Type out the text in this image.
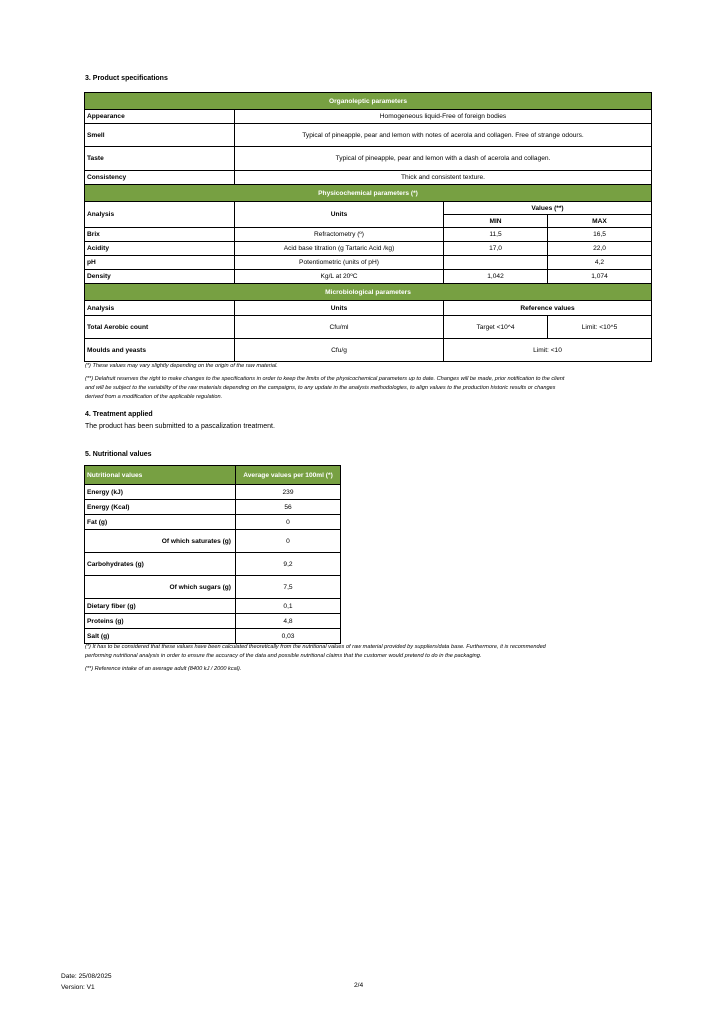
3. Product specifications
Organoleptic parameters			
Appearance	Homogeneous liquid-Free of foreign bodies		
Smell	Typical of pineapple, pear and lemon with notes of acerola and collagen. Free of strange odours.		
Taste	Typical of pineapple, pear and lemon with a dash of acerola and collagen.		
Consistency	Thick and consistent texture.		
Physicochemical parameters (*)			
Analysis	Units	Values (**)	
		MIN	MAX
Brix	Refractometry (º)	11,5	16,5
Acidity	Acid base titration (g Tartaric Acid /kg)	17,0	22,0
pH	Potentiometric (units of pH)		4,2
Density	Kg/L at 20ºC	1,042	1,074
Microbiological parameters			
Analysis	Units	Reference values	
Total Aerobic count	Cfu/ml	Target <10^4	Limit: <10^5
Moulds and yeasts	Cfu/g	Limit: <10	
(*) These values may vary slightly depending on the origin of the raw material.
(**) Delafruit reserves the right to make changes to the specifications in order to keep the limits of the physicochemical parameters up to date. Changes will be made, prior notification to the client
and will be subject to the variability of the raw materials depending on the campaigns, to any update in the analysis methodologies, to align values to the production historic results or changes
derived from a modification of the applicable regulation.
4. Treatment applied
The product has been submitted to a pascalization treatment.
5. Nutritional values
Nutritional values	Average values per 100ml (*)
Energy (kJ)	239
Energy (Kcal)	56
Fat (g)	0
Of which saturates (g)	0
Carbohydrates (g)	9,2
Of which sugars (g)	7,5
Dietary fiber (g)	0,1
Proteins (g)	4,8
Salt (g)	0,03
(*) It has to be considered that these values have been calculated theoretically from the nutritional values of raw material provided by suppliers/data base. Furthermore, it is recommended
performing nutritional analysis in order to ensure the accuracy of the data and possible nutritional claims that the customer would pretend to do in the packaging.
(**) Reference intake of an average adult (8400 kJ / 2000 kcal).
Date: 25/08/2025
Version: V1	2/4
